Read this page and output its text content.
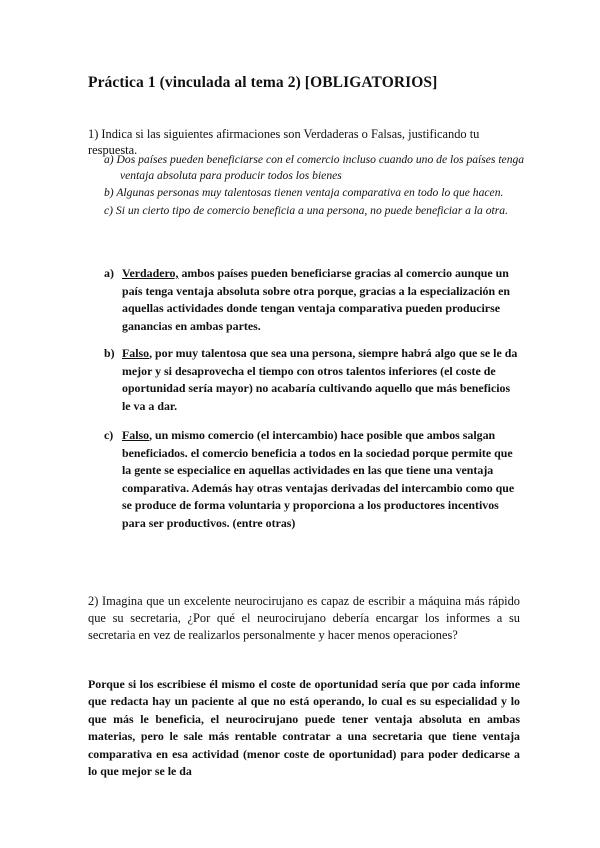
Práctica 1 (vinculada al tema 2) [OBLIGATORIOS]
1) Indica si las siguientes afirmaciones son Verdaderas o Falsas, justificando tu respuesta.

a) Dos países pueden beneficiarse con el comercio incluso cuando uno de los países tenga ventaja absoluta para producir todos los bienes

b) Algunas personas muy talentosas tienen ventaja comparativa en todo lo que hacen.

c) Si un cierto tipo de comercio beneficia a una persona, no puede beneficiar a la otra.

a) Verdadero, ambos países pueden beneficiarse gracias al comercio aunque un país tenga ventaja absoluta sobre otra porque, gracias a la especialización en aquellas actividades donde tengan ventaja comparativa pueden producirse ganancias en ambas partes.
b) Falso, por muy talentosa que sea una persona, siempre habrá algo que se le da mejor y si desaprovecha el tiempo con otros talentos inferiores (el coste de oportunidad sería mayor) no acabaría cultivando aquello que más beneficios le va a dar.
c) Falso, un mismo comercio (el intercambio) hace posible que ambos salgan beneficiados. el comercio beneficia a todos en la sociedad porque permite que la gente se especialice en aquellas actividades en las que tiene una ventaja comparativa. Además hay otras ventajas derivadas del intercambio como que se produce de forma voluntaria y proporciona a los productores incentivos para ser productivos. (entre otras)
2) Imagina que un excelente neurocirujano es capaz de escribir a máquina más rápido que su secretaria, ¿Por qué el neurocirujano debería encargar los informes a su secretaria en vez de realizarlos personalmente y hacer menos operaciones?
Porque si los escribiese él mismo el coste de oportunidad sería que por cada informe que redacta hay un paciente al que no está operando, lo cual es su especialidad y lo que más le beneficia, el neurocirujano puede tener ventaja absoluta en ambas materias, pero le sale más rentable contratar a una secretaria que tiene ventaja comparativa en esa actividad (menor coste de oportunidad) para poder dedicarse a lo que mejor se le da
